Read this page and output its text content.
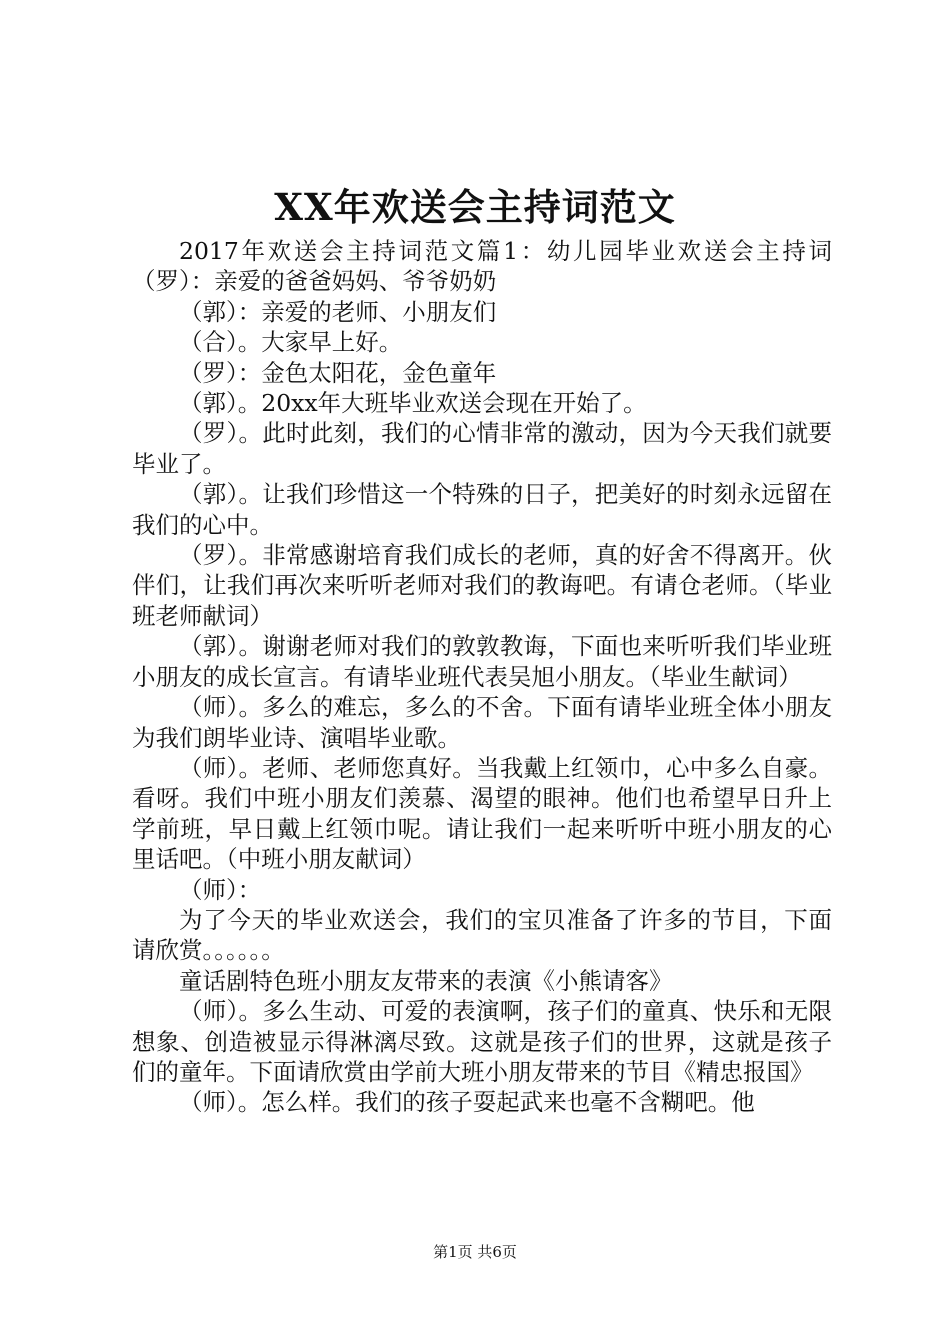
XX年欢送会主持词范文

2017年欢送会主持词范文篇1：幼儿园毕业欢送会主持词（罗）：亲爱的爸爸妈妈、爷爷奶奶

（郭）：亲爱的老师、小朋友们

（合）。大家早上好。

（罗）：金色太阳花，金色童年

（郭）。20xx年大班毕业欢送会现在开始了。

（罗）。此时此刻，我们的心情非常的激动，因为今天我们就要毕业了。

（郭）。让我们珍惜这一个特殊的日子，把美好的时刻永远留在我们的心中。

（罗）。非常感谢培育我们成长的老师，真的好舍不得离开。伙伴们，让我们再次来听听老师对我们的教诲吧。有请仓老师。（毕业班老师献词）

（郭）。谢谢老师对我们的敦敦教诲，下面也来听听我们毕业班小朋友的成长宣言。有请毕业班代表吴旭小朋友。（毕业生献词）

（师）。多么的难忘，多么的不舍。下面有请毕业班全体小朋友为我们朗毕业诗、演唱毕业歌。

（师）。老师、老师您真好。当我戴上红领巾，心中多么自豪。看呀。我们中班小朋友们羡慕、渴望的眼神。他们也希望早日升上学前班，早日戴上红领巾呢。请让我们一起来听听中班小朋友的心里话吧。（中班小朋友献词）

（师）：

为了今天的毕业欢送会，我们的宝贝准备了许多的节目，下面请欣赏。。。。。。

童话剧特色班小朋友友带来的表演《小熊请客》

（师）。多么生动、可爱的表演啊，孩子们的童真、快乐和无限想象、创造被显示得淋漓尽致。这就是孩子们的世界，这就是孩子们的童年。下面请欣赏由学前大班小朋友带来的节目《精忠报国》

（师）。怎么样。我们的孩子耍起武来也毫不含糊吧。他

第1页 共6页
